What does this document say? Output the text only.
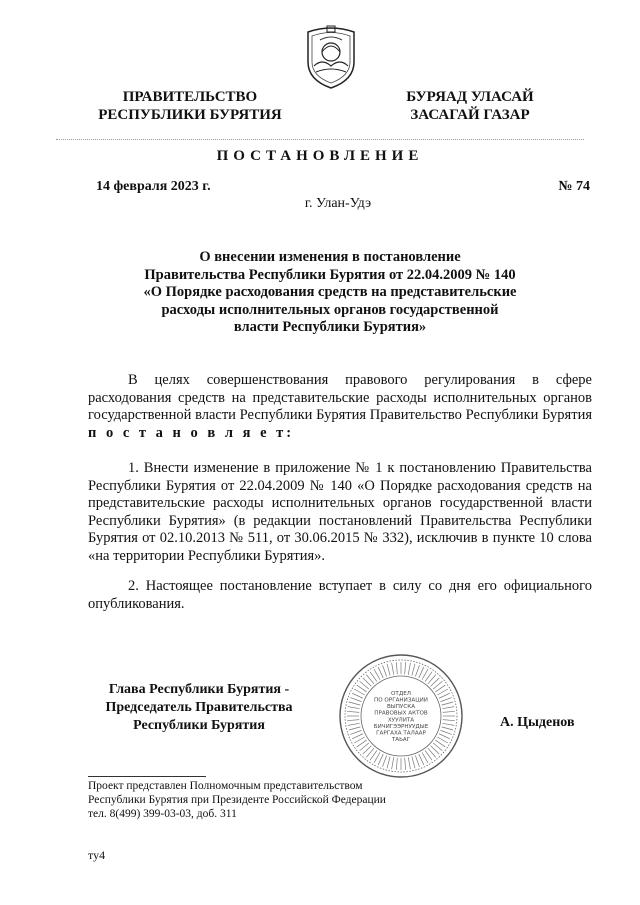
ПРАВИТЕЛЬСТВО
РЕСПУБЛИКИ БУРЯТИЯ
БУРЯАД УЛАСАЙ
ЗАСАГАЙ ГАЗАР
ПОСТАНОВЛЕНИЕ
14 февраля 2023 г.	№ 74
г. Улан-Удэ
О внесении изменения в постановление
Правительства Республики Бурятия от 22.04.2009 № 140
«О Порядке расходования средств на представительские
расходы исполнительных органов государственной
власти Республики Бурятия»
В целях совершенствования правового регулирования в сфере расходования средств на представительские расходы исполнительных органов государственной власти Республики Бурятия Правительство Республики Бурятия п о с т а н о в л я е т:
1. Внести изменение в приложение № 1 к постановлению Правительства Республики Бурятия от 22.04.2009 № 140 «О Порядке расходования средств на представительские расходы исполнительных органов государственной власти Республики Бурятия» (в редакции постановлений Правительства Республики Бурятия от 02.10.2013 № 511, от 30.06.2015 № 332), исключив в пункте 10 слова «на территории Республики Бурятия».
2. Настоящее постановление вступает в силу со дня его официального опубликования.
Глава Республики Бурятия -
Председатель Правительства
Республики Бурятия
ОТДЕЛ
ПО ОРГАНИЗАЦИИ
ВЫПУСКА
ПРАВОВЫХ АКТОВ
ХУУЛИТА
БИЧИГЭЭРНУУДЫЕ
ГАРГАХА ТАЛААР
ТАЬАГ
А. Цыденов
Проект представлен Полномочным представительством
Республики Бурятия при Президенте Российской Федерации
тел. 8(499) 399-03-03, доб. 311
ту4
